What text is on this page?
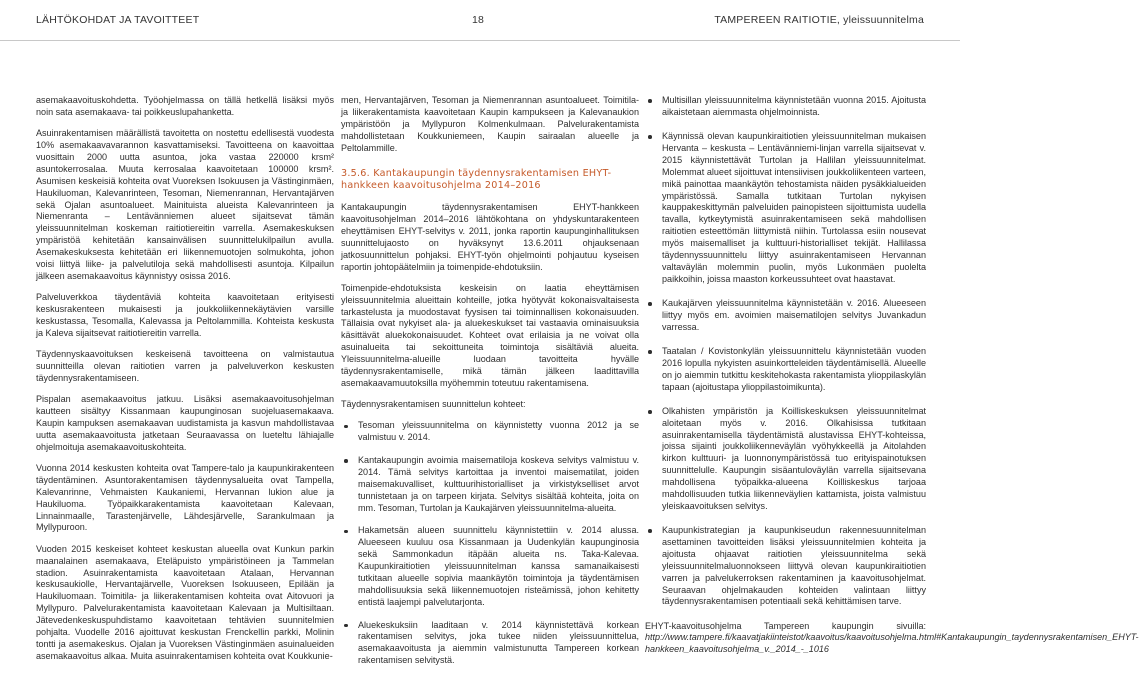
LÄHTÖKOHDAT JA TAVOITTEET	18	TAMPEREEN RAITIOTIE, yleissuunnitelma

asemakaavoituskohdetta. Työohjelmassa on tällä hetkellä lisäksi myös noin sata asemakaava- tai poikkeuslupahanketta.

Asuinrakentamisen määrällistä tavoitetta on nostettu edellisestä vuodesta 10% asemakaavavarannon kasvattamiseksi. Tavoitteena on kaavoittaa vuosittain 2000 uutta asuntoa, joka vastaa 220000 krsm² asuntokerrosalaa. Muuta kerrosalaa kaavoitetaan 100000 krsm². Asumisen keskeisiä kohteita ovat Vuoreksen Isokuusen ja Västinginmäen, Haukiluoman, Kalevanrinteen, Tesoman, Niemenrannan, Hervantajärven sekä Ojalan asuntoalueet. Mainituista alueista Kalevanrinteen ja Niemenranta – Lentävänniemen alueet sijaitsevat tämän yleissuunnitelman koskeman raitiotiereitin varrella. Asemakeskuksen ympäristöä kehitetään kansainvälisen suunnittelukilpailun avulla. Asemakeskuksesta kehitetään eri liikennemuotojen solmukohta, johon voisi liittyä liike- ja palvelutiloja sekä mahdollisesti asuntoja. Kilpailun jälkeen asemakaavoitus käynnistyy osissa 2016.

Palveluverkkoa täydentäviä kohteita kaavoitetaan erityisesti keskusrakenteen mukaisesti ja joukkoliikennekäytävien varsille keskustassa, Tesomalla, Kalevassa ja Peltolammilla. Kohteista keskusta ja Kaleva sijaitsevat raitiotiereitin varrella.

Täydennyskaavoituksen keskeisenä tavoitteena on valmistautua suunnitteilla olevan raitiotien varren ja palveluverkon keskusten täydennysrakentamiseen.

Pispalan asemakaavoitus jatkuu. Lisäksi asemakaavoitusohjelman kautteen sisältyy Kissanmaan kaupunginosan suojeluasemakaava. Kaupin kampuksen asemakaavan uudistamista ja kasvun mahdollistavaa uutta asemakaavoitusta jatketaan Seuraavassa on lueteltu lähiajalle ohjelmoituja asemakaavoituskohteita.

Vuonna 2014 keskusten kohteita ovat Tampere-talo ja kaupunkirakenteen täydentäminen. Asuntorakentamisen täydennysalueita ovat Tampella, Kalevanrinne, Vehmaisten Kaukaniemi, Hervannan lukion alue ja Haukiluoma. Työpaikkarakentamista kaavoitetaan Kalevaan, Linnainmaalle, Tarastenjärvelle, Lähdesjärvelle, Sarankulmaan ja Myllypuroon.

Vuoden 2015 keskeiset kohteet keskustan alueella ovat Kunkun parkin maanalainen asemakaava, Eteläpuisto ympäristöineen ja Tammelan stadion. Asuinrakentamista kaavoitetaan Atalaan, Hervannan keskusaukiolle, Hervantajärvelle, Vuoreksen Isokuuseen, Epilään ja Haukiluomaan. Toimitila- ja liikerakentamisen kohteita ovat Aitovuori ja Myllypuro. Palvelurakentamista kaavoitetaan Kalevaan ja Multisiltaan. Jätevedenkeskuspuhdistamo kaavoitetaan tehtävien suunnitelmien pohjalta. Vuodelle 2016 ajoittuvat keskustan Frenckellin parkki, Molinin tontti ja asemakeskus. Ojalan ja Vuoreksen Västinginmäen asuinalueiden asemakaavoitus alkaa. Muita asuinrakentamisen kohteita ovat Koukkunie-

men, Hervantajärven, Tesoman ja Niemenrannan asuntoalueet. Toimitila- ja liikerakentamista kaavoitetaan Kaupin kampukseen ja Kalevanaukion ympäristöön ja Myllypuron Kolmenkulmaan. Palvelurakentamista mahdollistetaan Koukkuniemeen, Kaupin sairaalan alueelle ja Peltolammille.

3.5.6. Kantakaupungin täydennysrakentamisen EHYT-hankkeen kaavoitusohjelma 2014–2016

Kantakaupungin täydennysrakentamisen EHYT-hankkeen kaavoitusohjelman 2014–2016 lähtökohtana on yhdyskuntarakenteen eheyttämisen EHYT-selvitys v. 2011, jonka raportin kaupunginhallituksen suunnittelujaosto on hyväksynyt 13.6.2011 ohjauksenaan jatkosuunnittelun pohjaksi. EHYT-työn ohjelmointi pohjautuu kyseisen raportin johtopäätelmiin ja toimenpide-ehdotuksiin.

Toimenpide-ehdotuksista keskeisin on laatia eheyttämisen yleissuunnitelmia alueittain kohteille, jotka hyötyvät kokonaisvaltaisesta tarkastelusta ja muodostavat fyysisen tai toiminnallisen kokonaisuuden. Tällaisia ovat nykyiset ala- ja aluekeskukset tai vastaavia ominaisuuksia käsittävät aluekokonaisuudet. Kohteet ovat erilaisia ja ne voivat olla asuinalueita tai sekoittuneita toimintoja sisältäviä alueita. Yleissuunnitelma-alueille luodaan tavoitteita hyvälle täydennysrakentamiselle, mikä tämän jälkeen laadittavilla asemakaavamuutoksilla myöhemmin toteutuu rakentamisena.

Täydennysrakentamisen suunnittelun kohteet:

Tesoman yleissuunnitelma on käynnistetty vuonna 2012 ja se valmistuu v. 2014.
Kantakaupungin avoimia maisematiloja koskeva selvitys valmistuu v. 2014. Tämä selvitys kartoittaa ja inventoi maisematilat, joiden maisemakuvalliset, kulttuurihistorialliset ja virkistykselliset arvot tunnistetaan ja on tarpeen kirjata. Selvitys sisältää kohteita, joita on mm. Tesoman, Turtolan ja Kaukajärven yleissuunnitelma-alueita.
Hakametsän alueen suunnittelu käynnistettiin v. 2014 alussa. Alueeseen kuuluu osa Kissanmaan ja Uudenkylän kaupunginosia sekä Sammonkadun itäpään alueita ns. Taka-Kalevaa. Kaupunkiraitiotien yleissuunnitelman kanssa samanaikaisesti tutkitaan alueelle sopivia maankäytön toimintoja ja täydentämisen mahdollisuuksia sekä liikennemuotojen risteämissä, johon kehitetty entistä laajempi palvelutarjonta.
Aluekeskuksiin laaditaan v. 2014 käynnistettävä korkean rakentamisen selvitys, joka tukee niiden yleissuunnittelua, asemakaavoitusta ja aiemmin valmistunutta Tampereen korkean rakentamisen selvitystä.
Multisillan yleissuunnitelma käynnistetään vuonna 2015. Ajoitusta aikaistetaan aiemmasta ohjelmoinnista.
Käynnissä olevan kaupunkiraitiotien yleissuunnitelman mukaisen Hervanta – keskusta – Lentävänniemi-linjan varrella sijaitsevat v. 2015 käynnistettävät Turtolan ja Hallilan yleissuunnitelmat. Molemmat alueet sijoittuvat intensiivisen joukkoliikenteen varteen, mikä painottaa maankäytön tehostamista näiden pysäkkialueiden ympäristössä. Samalla tutkitaan Turtolan nykyisen kauppakeskittymän palveluiden painopisteen sijoittumista uudella tavalla, kytkeytymistä asuinrakentamiseen sekä mahdollisen raitiotien esteettömän liittymistä niihin. Turtolassa esiin nousevat myös maisemalliset ja kulttuuri-historialliset tekijät. Hallilassa täydennyssuunnittelu liittyy asuinrakentamiseen Hervannan valtaväylän molemmin puolin, myös Lukonmäen puolelta paikkoihin, joissa maaston korkeussuhteet ovat haastavat.
Kaukajärven yleissuunnitelma käynnistetään v. 2016. Alueeseen liittyy myös em. avoimien maisematilojen selvitys Juvankadun varressa.
Taatalan / Kovistonkylän yleissuunnittelu käynnistetään vuoden 2016 lopulla nykyisten asuinkortteleiden täydentämisellä. Alueelle on jo aiemmin tutkittu keskitehokasta rakentamista ylioppilaskylän tapaan (ajoitustapa ylioppilastoimikunta).
Olkahisten ympäristön ja Koilliskeskuksen yleissuunnitelmat aloitetaan myös v. 2016. Olkahisissa tutkitaan asuinrakentamisella täydentämistä alustavissa EHYT-kohteissa, joissa sijainti joukkoliikenneväylän vyöhykkeellä ja Aitolahden kirkon kulttuuri- ja luonnonympäristössä tuo erityispainotuksen suunnittelulle. Kaupungin sisäantuloväylän varrella sijaitsevana mahdollisena työpaikka-alueena Koilliskeskus tarjoaa mahdollisuuden tutkia liikenneväylien kattamista, joista valmistuu yleiskaavoituksen selvitys.
Kaupunkistrategian ja kaupunkiseudun rakennesuunnitelman asettaminen tavoitteiden lisäksi yleissuunnitelmien kohteita ja ajoitusta ohjaavat raitiotien yleissuunnitelma sekä yleissuunnitelmaluonnokseen liittyvä olevan kaupunkiraitiotien varren ja palvelukerroksen rakentaminen ja kaavoitusohjelmat. Seuraavan ohjelmakauden kohteiden valintaan liittyy täydennysrakentamisen potentiaali sekä kehittämisen tarve.

EHYT-kaavoitusohjelma Tampereen kaupungin sivuilla: http://www.tampere.fi/kaavatjakiinteistot/kaavoitus/kaavoitusohjelma.html#Kantakaupungin_taydennysrakentamisen_EHYT-hankkeen_kaavoitusohjelma_v._2014_-_1016
